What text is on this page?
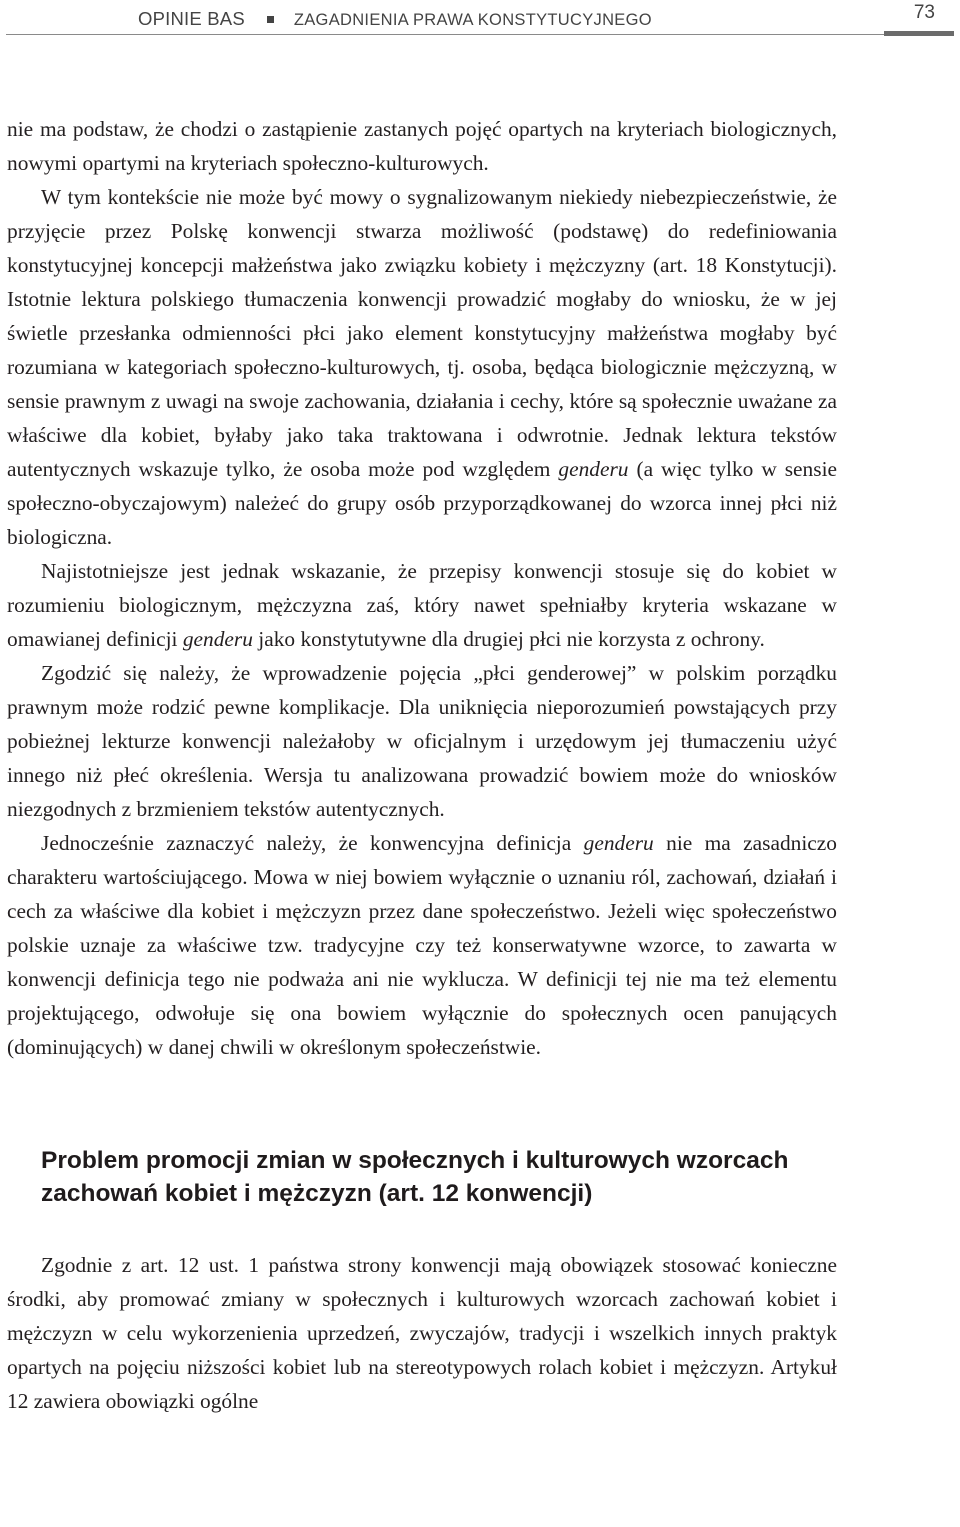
OPINIE BAS	ZAGADNIENIA PRAWA KONSTYTUCYJNEGO	73

nie ma podstaw, że chodzi o zastąpienie zastanych pojęć opartych na kryteriach biologicznych, nowymi opartymi na kryteriach społeczno-kulturowych.

W tym kontekście nie może być mowy o sygnalizowanym niekiedy niebezpieczeństwie, że przyjęcie przez Polskę konwencji stwarza możliwość (podstawę) do redefiniowania konstytucyjnej koncepcji małżeństwa jako związku kobiety i mężczyzny (art. 18 Konstytucji). Istotnie lektura polskiego tłumaczenia konwencji prowadzić mogłaby do wniosku, że w jej świetle przesłanka odmienności płci jako element konstytucyjny małżeństwa mogłaby być rozumiana w kategoriach społeczno-kulturowych, tj. osoba, będąca biologicznie mężczyzną, w sensie prawnym z uwagi na swoje zachowania, działania i cechy, które są społecznie uważane za właściwe dla kobiet, byłaby jako taka traktowana i odwrotnie. Jednak lektura tekstów autentycznych wskazuje tylko, że osoba może pod względem genderu (a więc tylko w sensie społeczno-obyczajowym) należeć do grupy osób przyporządkowanej do wzorca innej płci niż biologiczna.

Najistotniejsze jest jednak wskazanie, że przepisy konwencji stosuje się do kobiet w rozumieniu biologicznym, mężczyzna zaś, który nawet spełniałby kryteria wskazane w omawianej definicji genderu jako konstytutywne dla drugiej płci nie korzysta z ochrony.

Zgodzić się należy, że wprowadzenie pojęcia „płci genderowej” w polskim porządku prawnym może rodzić pewne komplikacje. Dla uniknięcia nieporozumień powstających przy pobieżnej lekturze konwencji należałoby w oficjalnym i urzędowym jej tłumaczeniu użyć innego niż płeć określenia. Wersja tu analizowana prowadzić bowiem może do wniosków niezgodnych z brzmieniem tekstów autentycznych.

Jednocześnie zaznaczyć należy, że konwencyjna definicja genderu nie ma zasadniczo charakteru wartościującego. Mowa w niej bowiem wyłącznie o uznaniu ról, zachowań, działań i cech za właściwe dla kobiet i mężczyzn przez dane społeczeństwo. Jeżeli więc społeczeństwo polskie uznaje za właściwe tzw. tradycyjne czy też konserwatywne wzorce, to zawarta w konwencji definicja tego nie podważa ani nie wyklucza. W definicji tej nie ma też elementu projektującego, odwołuje się ona bowiem wyłącznie do społecznych ocen panujących (dominujących) w danej chwili w określonym społeczeństwie.

Problem promocji zmian w społecznych i kulturowych wzorcach zachowań kobiet i mężczyzn (art. 12 konwencji)

Zgodnie z art. 12 ust. 1 państwa strony konwencji mają obowiązek stosować konieczne środki, aby promować zmiany w społecznych i kulturowych wzorcach zachowań kobiet i mężczyzn w celu wykorzenienia uprzedzeń, zwyczajów, tradycji i wszelkich innych praktyk opartych na pojęciu niższości kobiet lub na stereotypowych rolach kobiet i mężczyzn. Artykuł 12 zawiera obowiązki ogólne
